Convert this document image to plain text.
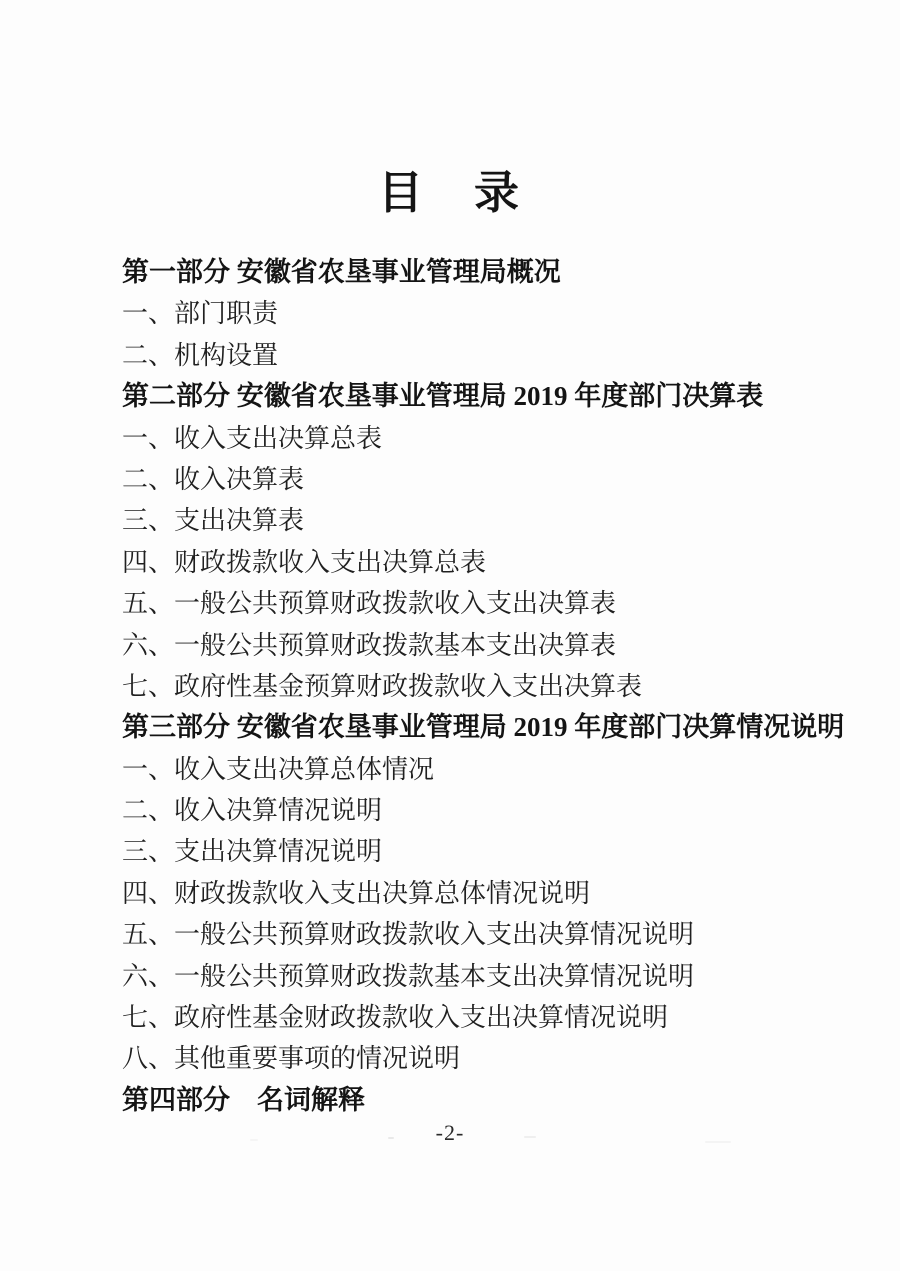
目　录
第一部分 安徽省农垦事业管理局概况
一、部门职责
二、机构设置
第二部分 安徽省农垦事业管理局 2019 年度部门决算表
一、收入支出决算总表
二、收入决算表
三、支出决算表
四、财政拨款收入支出决算总表
五、一般公共预算财政拨款收入支出决算表
六、一般公共预算财政拨款基本支出决算表
七、政府性基金预算财政拨款收入支出决算表
第三部分 安徽省农垦事业管理局 2019 年度部门决算情况说明
一、收入支出决算总体情况
二、收入决算情况说明
三、支出决算情况说明
四、财政拨款收入支出决算总体情况说明
五、一般公共预算财政拨款收入支出决算情况说明
六、一般公共预算财政拨款基本支出决算情况说明
七、政府性基金财政拨款收入支出决算情况说明
八、其他重要事项的情况说明
第四部分　名词解释
-2-
